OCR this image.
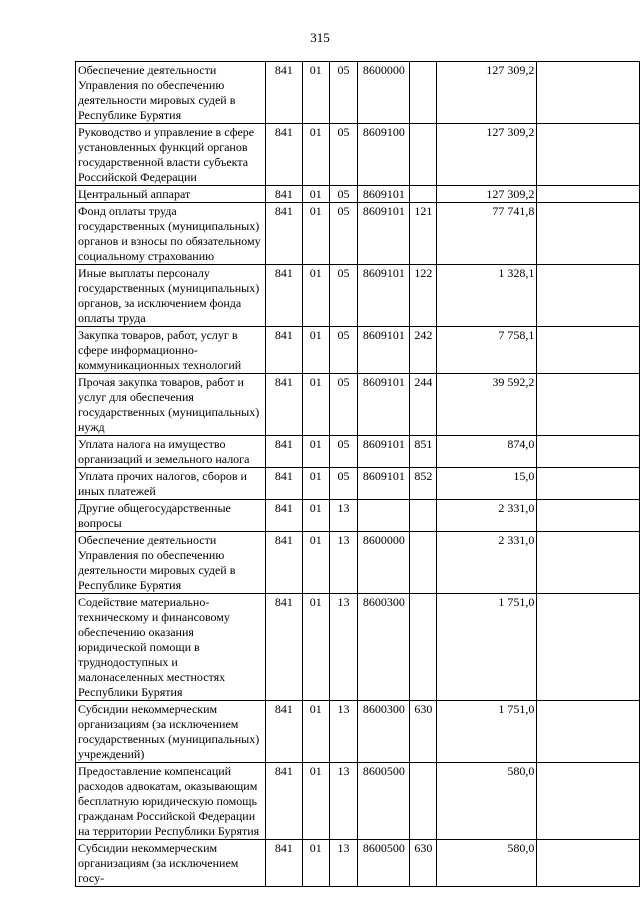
315
Обеспечение деятельности Управления по обеспечению деятельности мировых судей в Республике Бурятия	841	01	05	8600000		127 309,2	
Руководство и управление в сфере установленных функций органов государственной власти субъекта Российской Федерации	841	01	05	8609100		127 309,2	
Центральный аппарат	841	01	05	8609101		127 309,2	
Фонд оплаты труда государственных (муниципальных) органов и взносы по обязательному социальному страхованию	841	01	05	8609101	121	77 741,8	
Иные выплаты персоналу государственных (муниципальных) органов, за исключением фонда оплаты труда	841	01	05	8609101	122	1 328,1	
Закупка товаров, работ, услуг в сфере информационно-коммуникационных технологий	841	01	05	8609101	242	7 758,1	
Прочая закупка товаров, работ и услуг для обеспечения государственных (муниципальных) нужд	841	01	05	8609101	244	39 592,2	
Уплата налога на имущество организаций и земельного налога	841	01	05	8609101	851	874,0	
Уплата прочих налогов, сборов и иных платежей	841	01	05	8609101	852	15,0	
Другие общегосударственные вопросы	841	01	13			2 331,0	
Обеспечение деятельности Управления по обеспечению деятельности мировых судей в Республике Бурятия	841	01	13	8600000		2 331,0	
Содействие материально-техническому и финансовому обеспечению оказания юридической помощи в труднодоступных и малонаселенных местностях Республики Бурятия	841	01	13	8600300		1 751,0	
Субсидии некоммерческим организациям (за исключением государственных (муниципальных) учреждений)	841	01	13	8600300	630	1 751,0	
Предоставление компенсаций расходов адвокатам, оказывающим бесплатную юридическую помощь гражданам Российской Федерации на территории Республики Бурятия	841	01	13	8600500		580,0	
Субсидии некоммерческим организациям (за исключением госу-	841	01	13	8600500	630	580,0	
